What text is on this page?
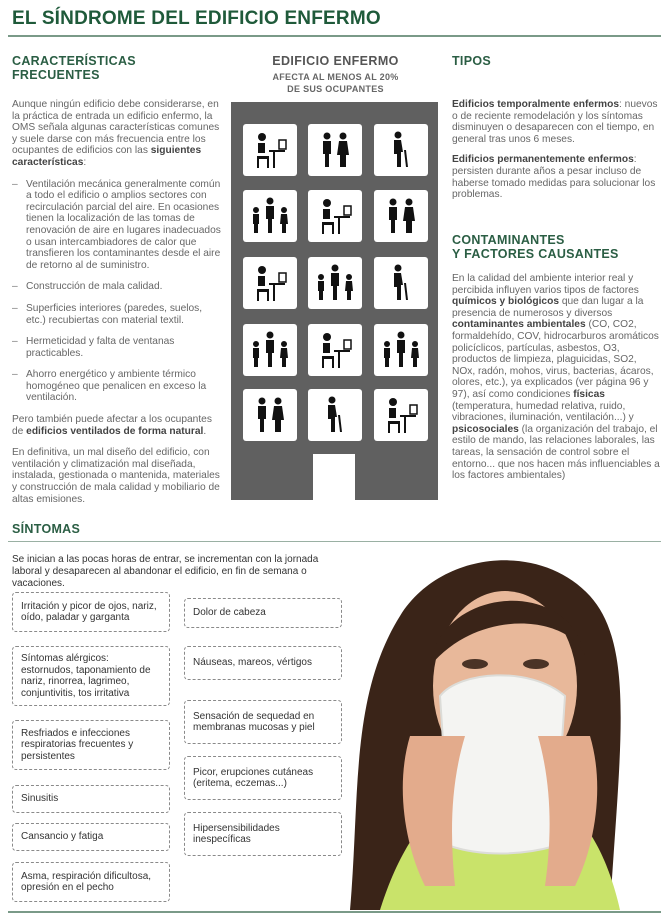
EL SÍNDROME DEL EDIFICIO ENFERMO
CARACTERÍSTICAS FRECUENTES

Aunque ningún edificio debe considerarse, en la práctica de entrada un edificio enfermo, la OMS señala algunas características comunes y suele darse con más frecuencia entre los ocupantes de edificios con las siguientes características:

– Ventilación mecánica generalmente común a todo el edificio o amplios sectores con recirculación parcial del aire. En ocasiones tienen la localización de las tomas de renovación de aire en lugares inadecuados o usan intercambiadores de calor que transfieren los contaminantes desde el aire de retorno al de suministro.
– Construcción de mala calidad.
– Superficies interiores (paredes, suelos, etc.) recubiertas con material textil.
– Hermeticidad y falta de ventanas practicables.
– Ahorro energético y ambiente térmico homogéneo que penalicen en exceso la ventilación.

Pero también puede afectar a los ocupantes de edificios ventilados de forma natural.

En definitiva, un mal diseño del edificio, con ventilación y climatización mal diseñada, instalada, gestionada o mantenida, materiales y construcción de mala calidad y mobiliario de altas emisiones.

EDIFICIO ENFERMO
AFECTA AL MENOS AL 20%
DE SUS OCUPANTES
TIPOS

Edificios temporalmente enfermos: nuevos o de reciente remodelación y los síntomas disminuyen o desaparecen con el tiempo, en general tras unos 6 meses.

Edificios permanentemente enfermos: persisten durante años a pesar incluso de haberse tomado medidas para solucionar los problemas.

CONTAMINANTES
Y FACTORES CAUSANTES

En la calidad del ambiente interior real y percibida influyen varios tipos de factores químicos y biológicos que dan lugar a la presencia de numerosos y diversos contaminantes ambientales (CO, CO2, formaldehído, COV, hidrocarburos aromáticos policíclicos, partículas, asbestos, O3, productos de limpieza, plaguicidas, SO2, NOx, radón, mohos, virus, bacterias, ácaros, olores, etc.), ya explicados (ver página 96 y 97), así como condiciones físicas (temperatura, humedad relativa, ruido, vibraciones, iluminación, ventilación...) y psicosociales (la organización del trabajo, el estilo de mando, las relaciones laborales, las tareas, la sensación de control sobre el entorno... que nos hacen más influenciables a los factores ambientales)

SÍNTOMAS

Se inician a las pocas horas de entrar, se incrementan con la jornada laboral y desaparecen al abandonar el edificio, en fin de semana o vacaciones.

Irritación y picor de ojos, nariz, oído, paladar y garganta
Síntomas alérgicos: estornudos, taponamiento de nariz, rinorrea, lagrimeo, conjuntivitis, tos irritativa
Resfriados e infecciones respiratorias frecuentes y persistentes
Sinusitis
Cansancio y fatiga
Asma, respiración dificultosa, opresión en el pecho
Dolor de cabeza
Náuseas, mareos, vértigos
Sensación de sequedad en membranas mucosas y piel
Picor, erupciones cutáneas (eritema, eczemas...)
Hipersensibilidades inespecíficas
